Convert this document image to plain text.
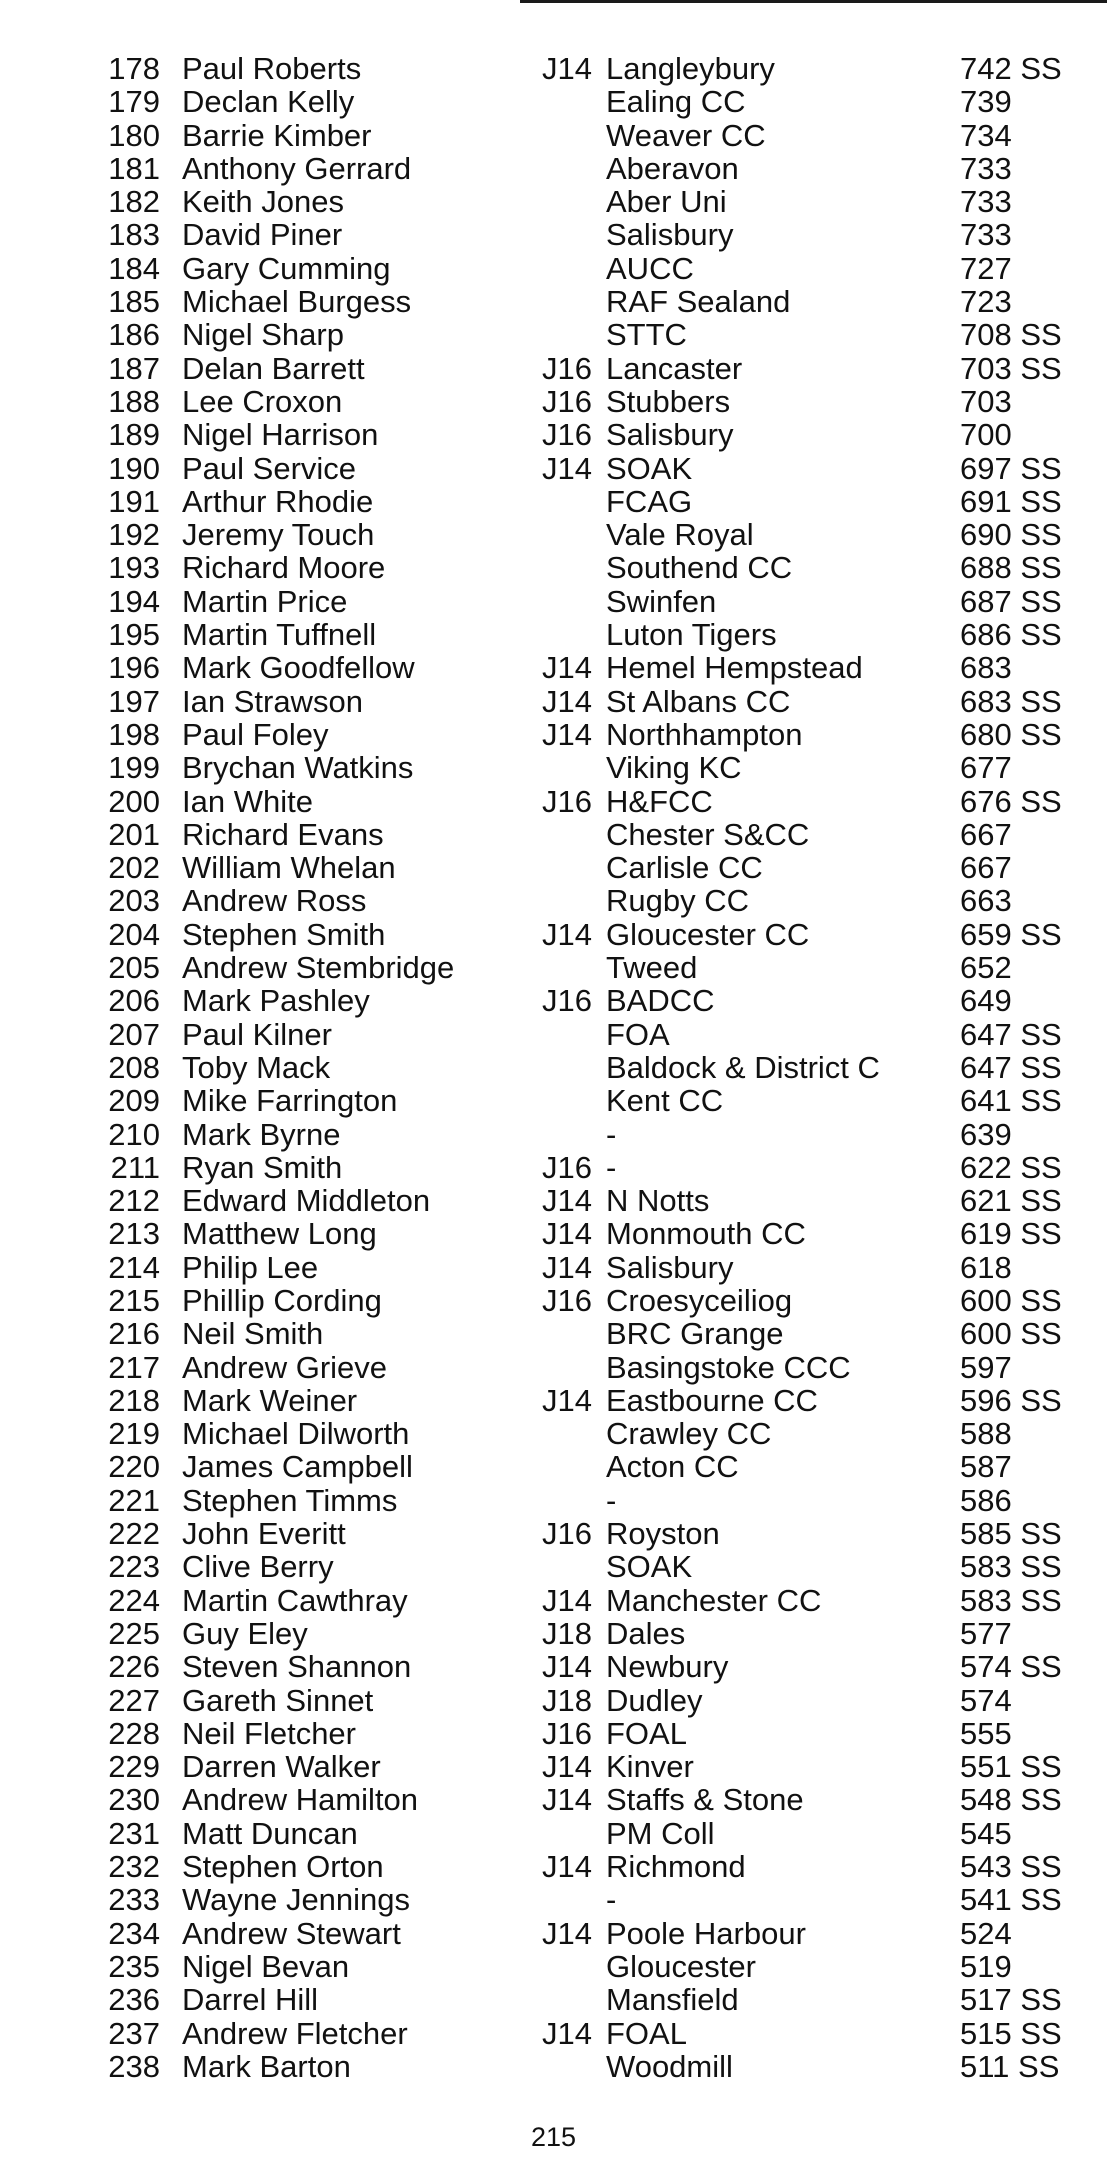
178 Paul Roberts	J14 Langleybury	742 SS
179 Declan Kelly	Ealing CC	739
180 Barrie Kimber	Weaver CC	734
181 Anthony Gerrard	Aberavon	733
182 Keith Jones	Aber Uni	733
183 David Piner	Salisbury	733
184 Gary Cumming	AUCC	727
185 Michael Burgess	RAF Sealand	723
186 Nigel Sharp	STTC	708 SS
187 Delan Barrett	J16 Lancaster	703 SS
188 Lee Croxon	J16 Stubbers	703
189 Nigel Harrison	J16 Salisbury	700
190 Paul Service	J14 SOAK	697 SS
191 Arthur Rhodie	FCAG	691 SS
192 Jeremy Touch	Vale Royal	690 SS
193 Richard Moore	Southend CC	688 SS
194 Martin Price	Swinfen	687 SS
195 Martin Tuffnell	Luton Tigers	686 SS
196 Mark Goodfellow	J14 Hemel Hempstead	683
197 Ian Strawson	J14 St Albans CC	683 SS
198 Paul Foley	J14 Northhampton	680 SS
199 Brychan Watkins	Viking KC	677
200 Ian White	J16 H&FCC	676 SS
201 Richard Evans	Chester S&CC	667
202 William Whelan	Carlisle CC	667
203 Andrew Ross	Rugby CC	663
204 Stephen Smith	J14 Gloucester CC	659 SS
205 Andrew Stembridge	Tweed	652
206 Mark Pashley	J16 BADCC	649
207 Paul Kilner	FOA	647 SS
208 Toby Mack	Baldock & District C	647 SS
209 Mike Farrington	Kent CC	641 SS
210 Mark Byrne	-	639
211 Ryan Smith	J16 -	622 SS
212 Edward Middleton	J14 N Notts	621 SS
213 Matthew Long	J14 Monmouth CC	619 SS
214 Philip Lee	J14 Salisbury	618
215 Phillip Cording	J16 Croesyceiliog	600 SS
216 Neil Smith	BRC Grange	600 SS
217 Andrew Grieve	Basingstoke CCC	597
218 Mark Weiner	J14 Eastbourne CC	596 SS
219 Michael Dilworth	Crawley CC	588
220 James Campbell	Acton CC	587
221 Stephen Timms	-	586
222 John Everitt	J16 Royston	585 SS
223 Clive Berry	SOAK	583 SS
224 Martin Cawthray	J14 Manchester CC	583 SS
225 Guy Eley	J18 Dales	577
226 Steven Shannon	J14 Newbury	574 SS
227 Gareth Sinnet	J18 Dudley	574
228 Neil Fletcher	J16 FOAL	555
229 Darren Walker	J14 Kinver	551 SS
230 Andrew Hamilton	J14 Staffs & Stone	548 SS
231 Matt Duncan	PM Coll	545
232 Stephen Orton	J14 Richmond	543 SS
233 Wayne Jennings	-	541 SS
234 Andrew Stewart	J14 Poole Harbour	524
235 Nigel Bevan	Gloucester	519
236 Darrel Hill	Mansfield	517 SS
237 Andrew Fletcher	J14 FOAL	515 SS
238 Mark Barton	Woodmill	511 SS
215
